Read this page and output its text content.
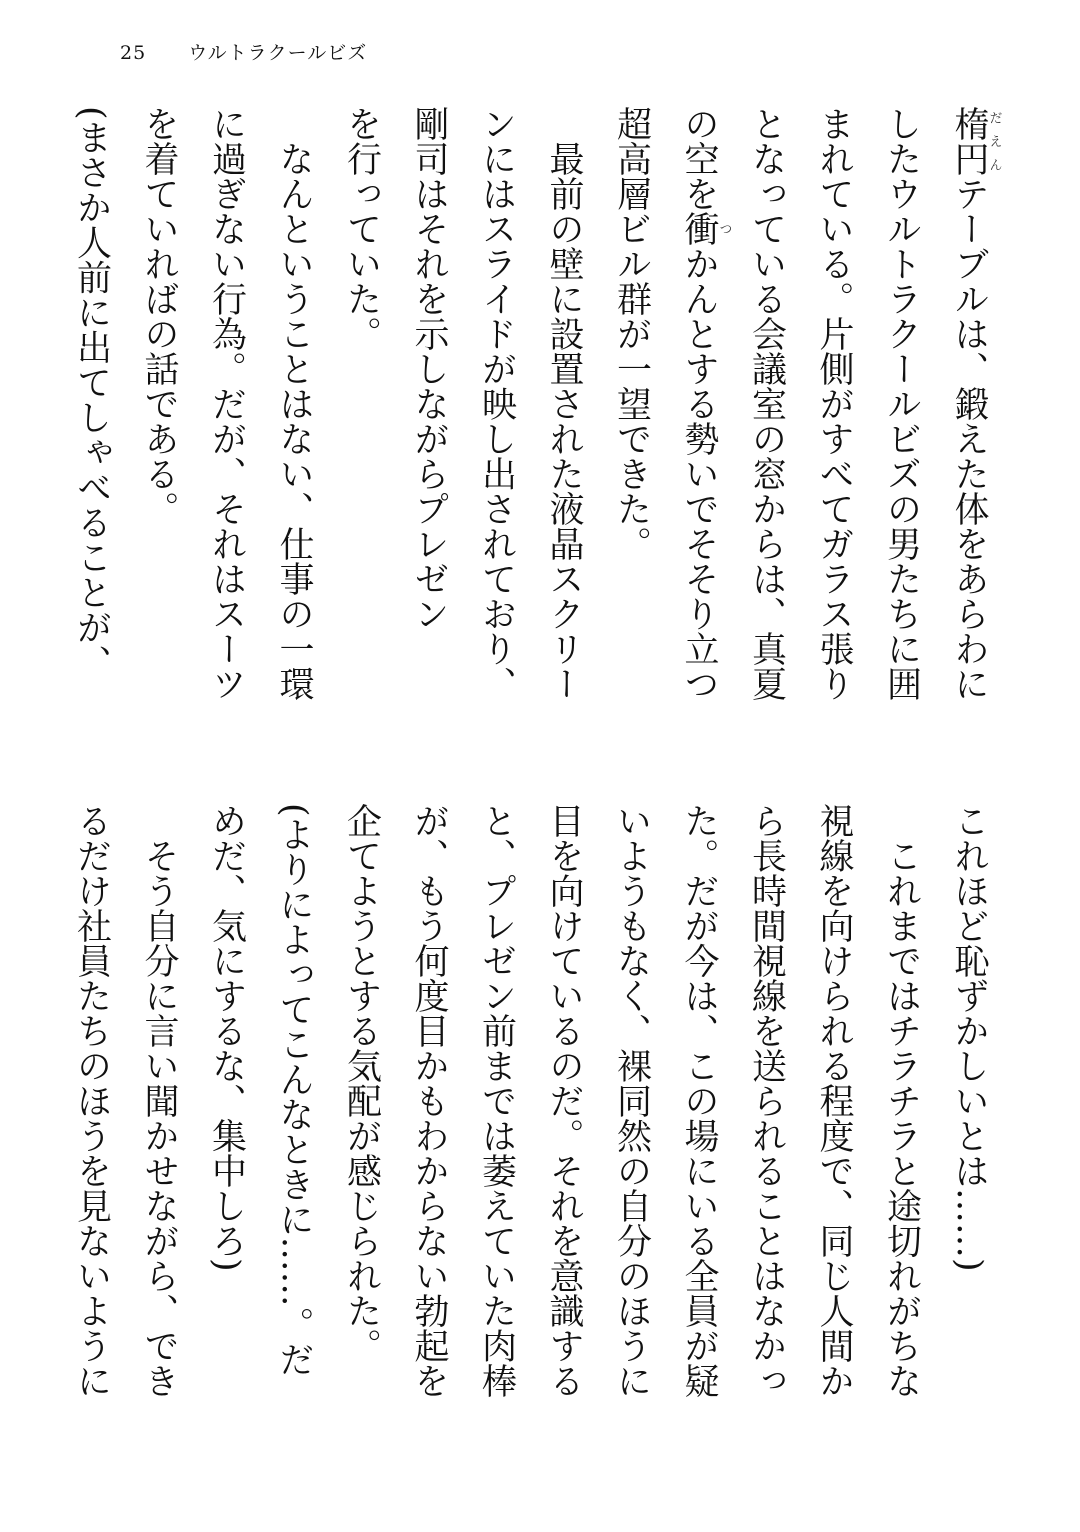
25 ウルトラクールビズ
楕円だえんテーブルは、鍛えた体をあらわに
したウルトラクールビズの男たちに囲
まれている。片側がすべてガラス張り
となっている会議室の窓からは、真夏
の空を衝つかんとする勢いでそそり立つ
超高層ビル群が一望できた。
　最前の壁に設置された液晶スクリー
ンにはスライドが映し出されており、
剛司はそれを示しながらプレゼン
を行っていた。
　なんということはない、仕事の一環
に過ぎない行為。だが、それはスーツ
を着ていればの話である。
(まさか人前に出てしゃべることが、
これほど恥ずかしいとは……)
　これまではチラチラと途切れがちな
視線を向けられる程度で、同じ人間か
ら長時間視線を送られることはなかっ
た。だが今は、この場にいる全員が疑
いようもなく、裸同然の自分のほうに
目を向けているのだ。それを意識する
と、プレゼン前までは萎えていた肉棒
が、もう何度目かもわからない勃起を
企てようとする気配が感じられた。
(よりによってこんなときに……。だ
めだ、気にするな、集中しろ)
　そう自分に言い聞かせながら、でき
るだけ社員たちのほうを見ないように
